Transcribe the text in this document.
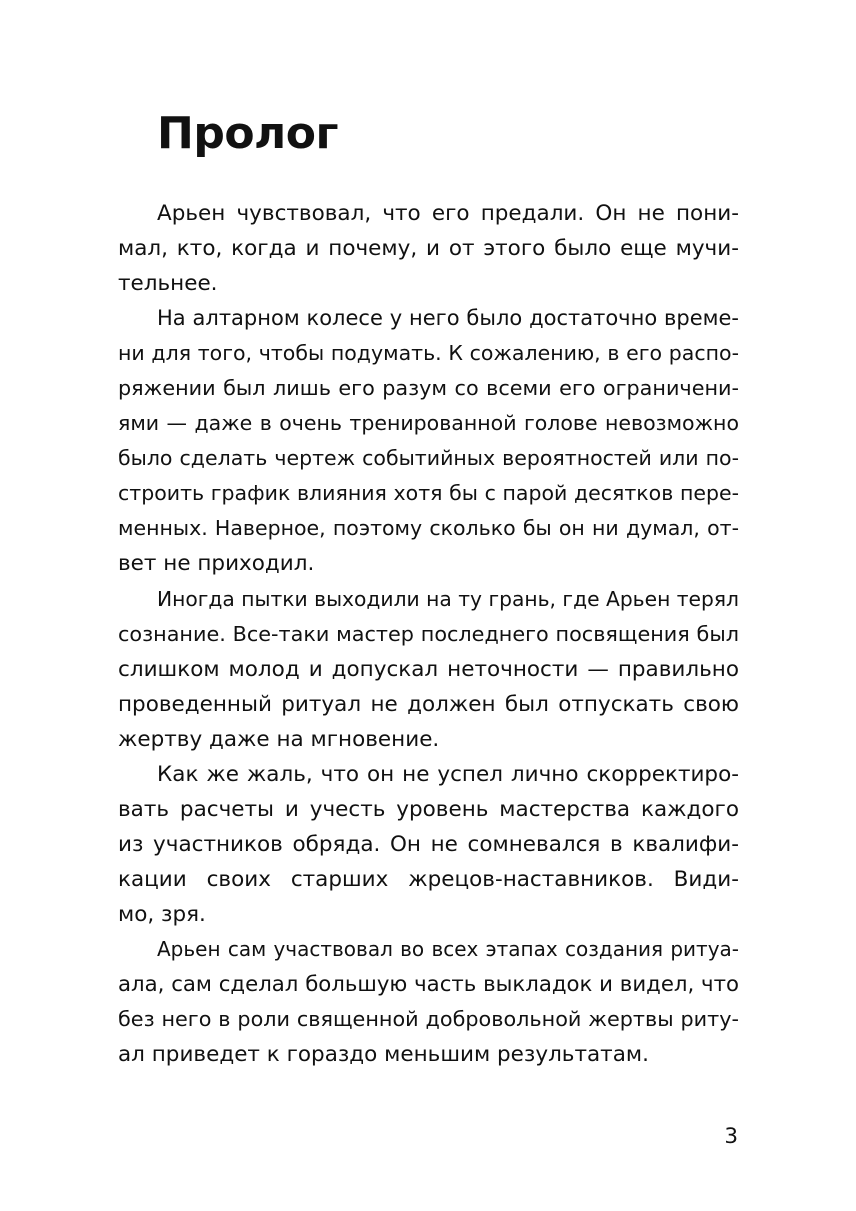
Пролог
Арьен чувствовал, что его предали. Он не пони-
мал, кто, когда и почему, и от этого было еще мучи-
тельнее.
На алтарном колесе у него было достаточно време-
ни для того, чтобы подумать. К сожалению, в его распо-
ряжении был лишь его разум со всеми его ограничени-
ями — даже в очень тренированной голове невозможно
было сделать чертеж событийных вероятностей или по-
строить график влияния хотя бы с парой десятков пере-
менных. Наверное, поэтому сколько бы он ни думал, от-
вет не приходил.
Иногда пытки выходили на ту грань, где Арьен терял
сознание. Все-таки мастер последнего посвящения был
слишком молод и допускал неточности — правильно
проведенный ритуал не должен был отпускать свою
жертву даже на мгновение.
Как же жаль, что он не успел лично скорректиро-
вать расчеты и учесть уровень мастерства каждого
из участников обряда. Он не сомневался в квалифи-
кации своих старших жрецов-наставников. Види-
мо, зря.
Арьен сам участвовал во всех этапах создания ритуа-
ала, сам сделал большую часть выкладок и видел, что
без него в роли священной добровольной жертвы риту-
ал приведет к гораздо меньшим результатам.
3
